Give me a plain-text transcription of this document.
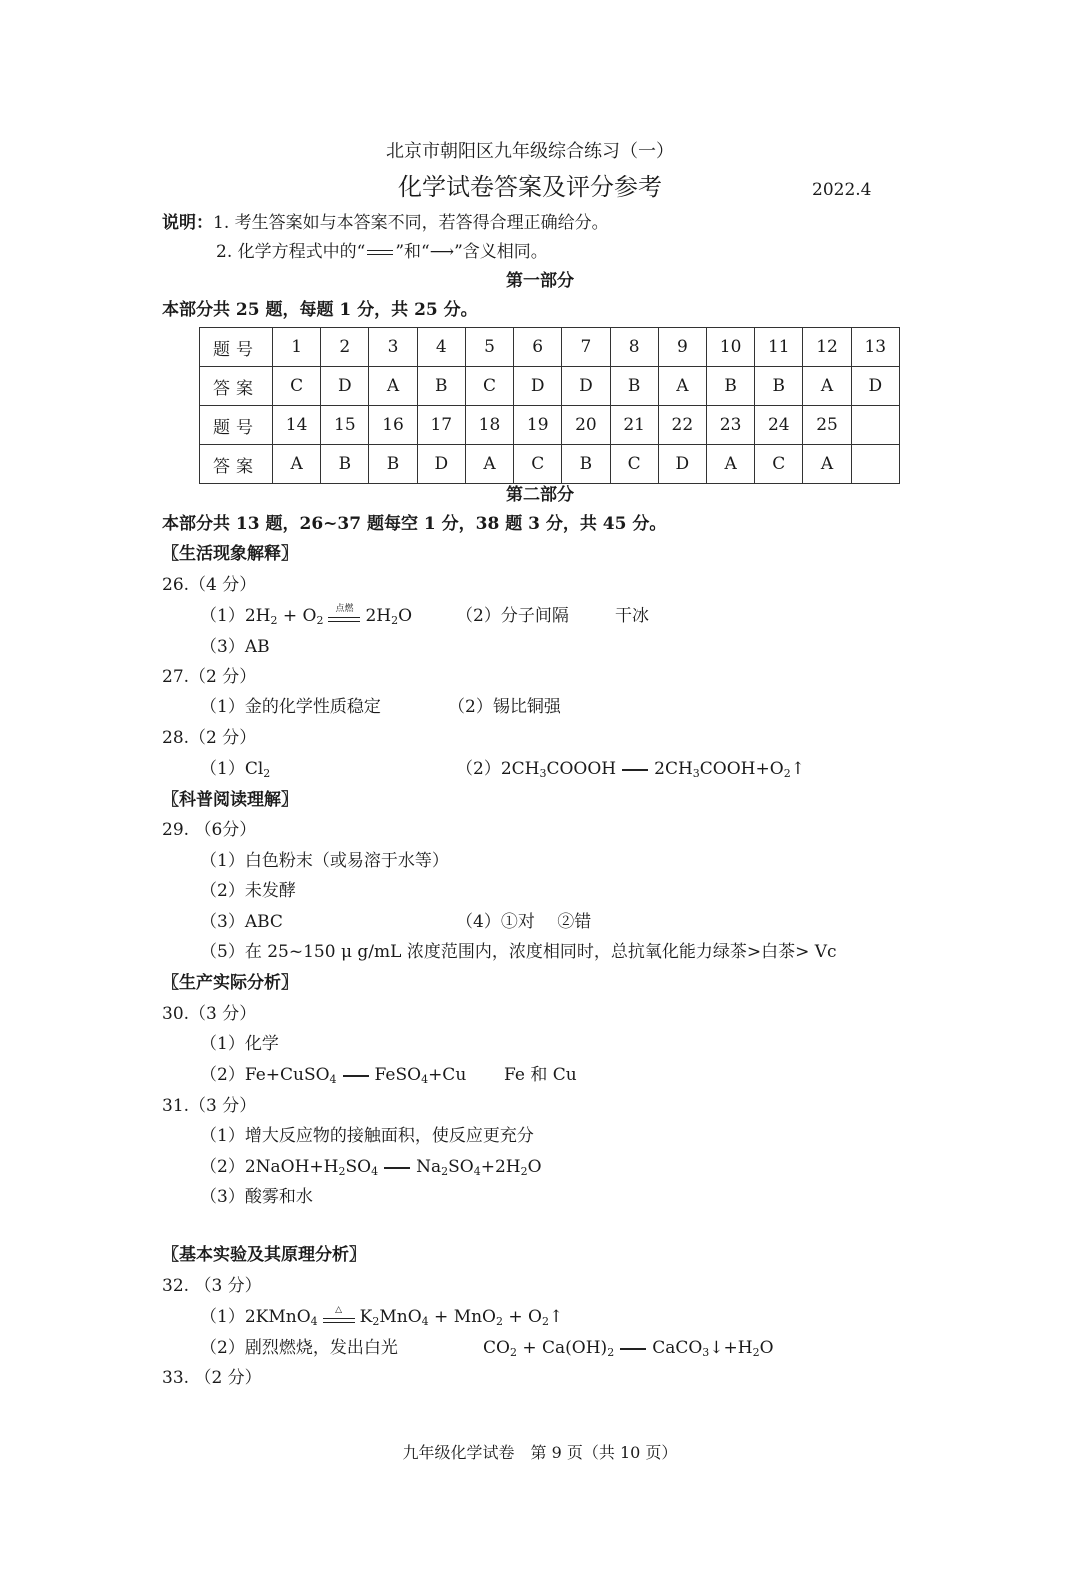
北京市朝阳区九年级综合练习（一）
化学试卷答案及评分参考	2022.4
说明：1. 考生答案如与本答案不同，若答得合理正确给分。
2. 化学方程式中的“ ”和“⟶”含义相同。
第一部分
本部分共 25 题，每题 1 分，共 25 分。
题号	1	2	3	4	5	6	7	8	9	10	11	12	13
答案	C	D	A	B	C	D	D	B	A	B	B	A	D
题号	14	15	16	17	18	19	20	21	22	23	24	25	
答案	A	B	B	D	A	C	B	C	D	A	C	A	
第二部分
本部分共 13 题，26~37 题每空 1 分，38 题 3 分，共 45 分。
〖生活现象解释〗
26.（4 分）
$(1)2H_2 + O_2$
点燃 $2H_2O$	（2）分子间隔	干冰
（3）AB
27.（2 分）
（1）金的化学性质稳定	（2）锡比铜强
28.（2 分）
$(1)Cl_2$	$(2)2CH_3COOOH$ $2CH_3COOH+O_2↑$
〖科普阅读理解〗
29. （6分）
（1）白色粉末（或易溶于水等）
（2）未发酵
（3）ABC	（4）①对　 ②错
（5）在 25~150 μ g/mL 浓度范围内，浓度相同时，总抗氧化能力绿茶>白茶> Vc
〖生产实际分析〗
30.（3 分）
（1）化学
（2）Fe+CuSO$_4$ FeSO$_4$+Cu Fe 和 Cu
31.（3 分）
（1）增大反应物的接触面积，使反应更充分
$(2)2NaOH+H_2SO_4$ $Na_2SO_4+2H_2O$
（3）酸雾和水
〖基本实验及其原理分析〗
32. （3 分）
（1）2KMnO$_4$
△	$K_2MnO_4 + MnO_2$ + $O_2↑$
（2）剧烈燃烧，发出白光	$CO_2 + Ca(OH)_2$ $CaCO_3↓+H_2O$
33. （2 分）
九年级化学试卷　第 9 页（共 10 页）
